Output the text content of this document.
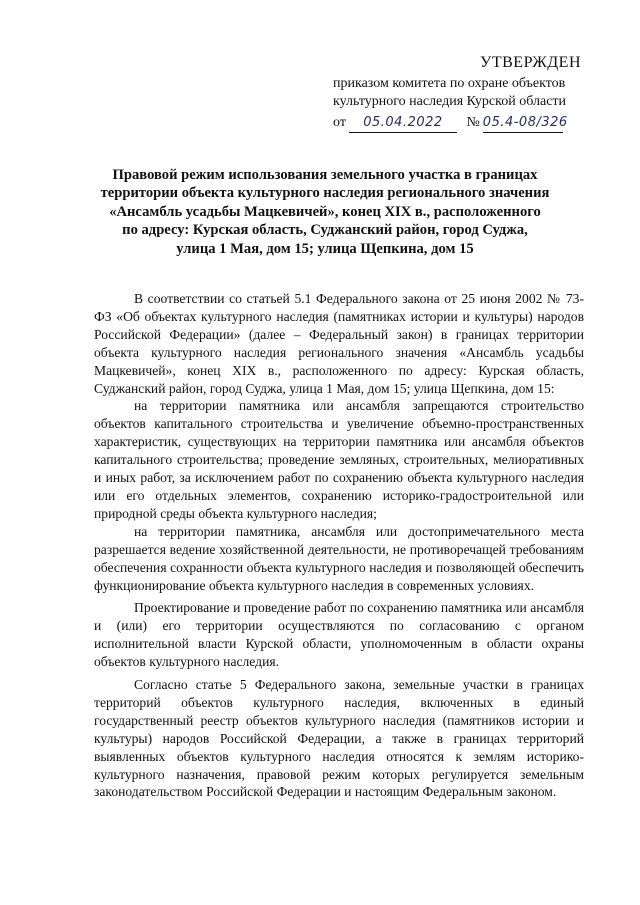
УТВЕРЖДЕН
приказом комитета по охране объектов
культурного наследия Курской области
от 05.04.2022 № 05.4-08/326
Правовой режим использования земельного участка в границах
территории объекта культурного наследия регионального значения
«Ансамбль усадьбы Мацкевичей», конец XIX в., расположенного
по адресу: Курская область, Суджанский район, город Суджа,
улица 1 Мая, дом 15; улица Щепкина, дом 15

В соответствии со статьей 5.1 Федерального закона от 25 июня 2002 № 73-ФЗ «Об объектах культурного наследия (памятниках истории и культуры) народов Российской Федерации» (далее – Федеральный закон) в границах территории объекта культурного наследия регионального значения «Ансамбль усадьбы Мацкевичей», конец XIX в., расположенного по адресу: Курская область, Суджанский район, город Суджа, улица 1 Мая, дом 15; улица Щепкина, дом 15:

на территории памятника или ансамбля запрещаются строительство объектов капитального строительства и увеличение объемно-пространственных характеристик, существующих на территории памятника или ансамбля объектов капитального строительства; проведение земляных, строительных, мелиоративных и иных работ, за исключением работ по сохранению объекта культурного наследия или его отдельных элементов, сохранению историко-градостроительной или природной среды объекта культурного наследия;

на территории памятника, ансамбля или достопримечательного места разрешается ведение хозяйственной деятельности, не противоречащей требованиям обеспечения сохранности объекта культурного наследия и позволяющей обеспечить функционирование объекта культурного наследия в современных условиях.

Проектирование и проведение работ по сохранению памятника или ансамбля и (или) его территории осуществляются по согласованию с органом исполнительной власти Курской области, уполномоченным в области охраны объектов культурного наследия.

Согласно статье 5 Федерального закона, земельные участки в границах территорий объектов культурного наследия, включенных в единый государственный реестр объектов культурного наследия (памятников истории и культуры) народов Российской Федерации, а также в границах территорий выявленных объектов культурного наследия относятся к землям историко-культурного назначения, правовой режим которых регулируется земельным законодательством Российской Федерации и настоящим Федеральным законом.
